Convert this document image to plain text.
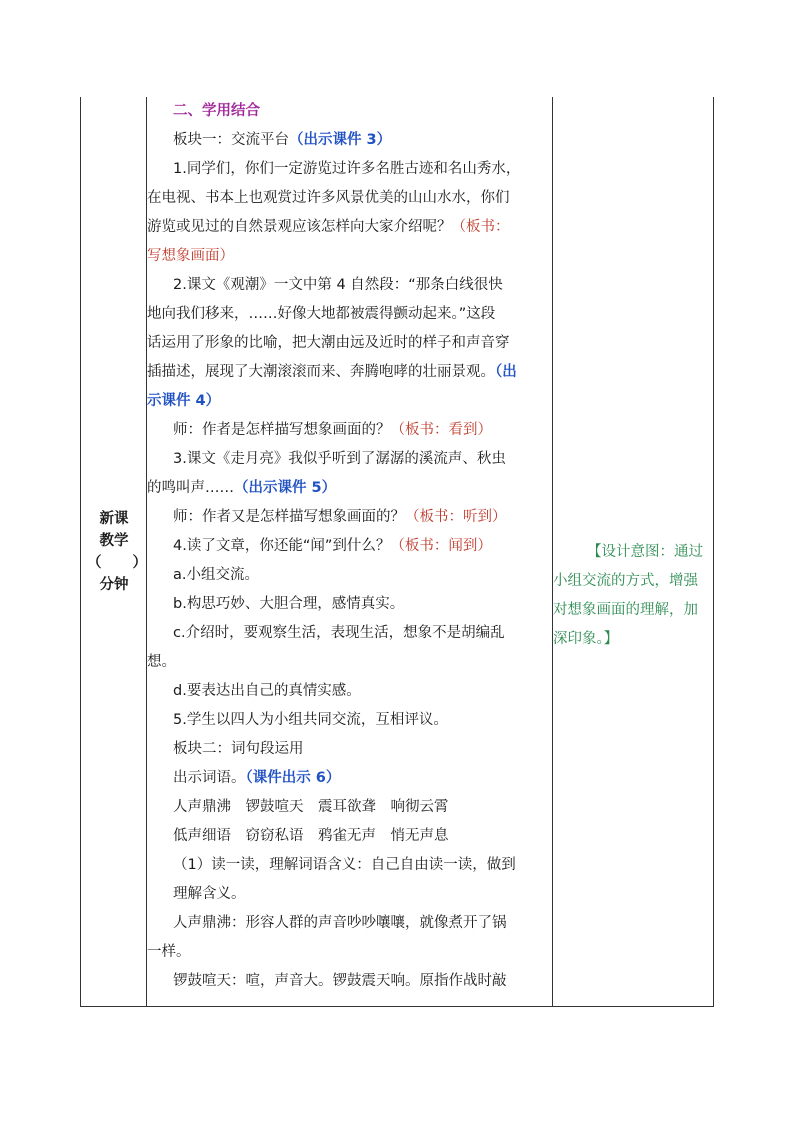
新课
教学
（ ）
分钟

二、学用结合

板块一：交流平台（出示课件 3）

1.同学们，你们一定游览过许多名胜古迹和名山秀水，

在电视、书本上也观赏过许多风景优美的山山水水，你们

游览或见过的自然景观应该怎样向大家介绍呢？（板书：

写想象画面）

2.课文《观潮》一文中第 4 自然段：“那条白线很快

地向我们移来，……好像大地都被震得颤动起来。”这段

话运用了形象的比喻，把大潮由远及近时的样子和声音穿

插描述，展现了大潮滚滚而来、奔腾咆哮的壮丽景观。（出

示课件 4）

师：作者是怎样描写想象画面的？（板书：看到）

3.课文《走月亮》我似乎听到了潺潺的溪流声、秋虫

的鸣叫声……（出示课件 5）

师：作者又是怎样描写想象画面的？（板书：听到）

4.读了文章，你还能“闻”到什么？（板书：闻到）

a.小组交流。

b.构思巧妙、大胆合理，感情真实。

c.介绍时，要观察生活，表现生活，想象不是胡编乱

想。

d.要表达出自己的真情实感。

5.学生以四人为小组共同交流，互相评议。

板块二：词句段运用

出示词语。（课件出示 6）

人声鼎沸　锣鼓喧天　震耳欲聋　响彻云霄

低声细语　窃窃私语　鸦雀无声　悄无声息

（1）读一读，理解词语含义：自己自由读一读，做到

理解含义。

人声鼎沸：形容人群的声音吵吵嚷嚷，就像煮开了锅

一样。

锣鼓喧天：喧，声音大。锣鼓震天响。原指作战时敲

【设计意图：通过
小组交流的方式，增强
对想象画面的理解，加
深印象。】
